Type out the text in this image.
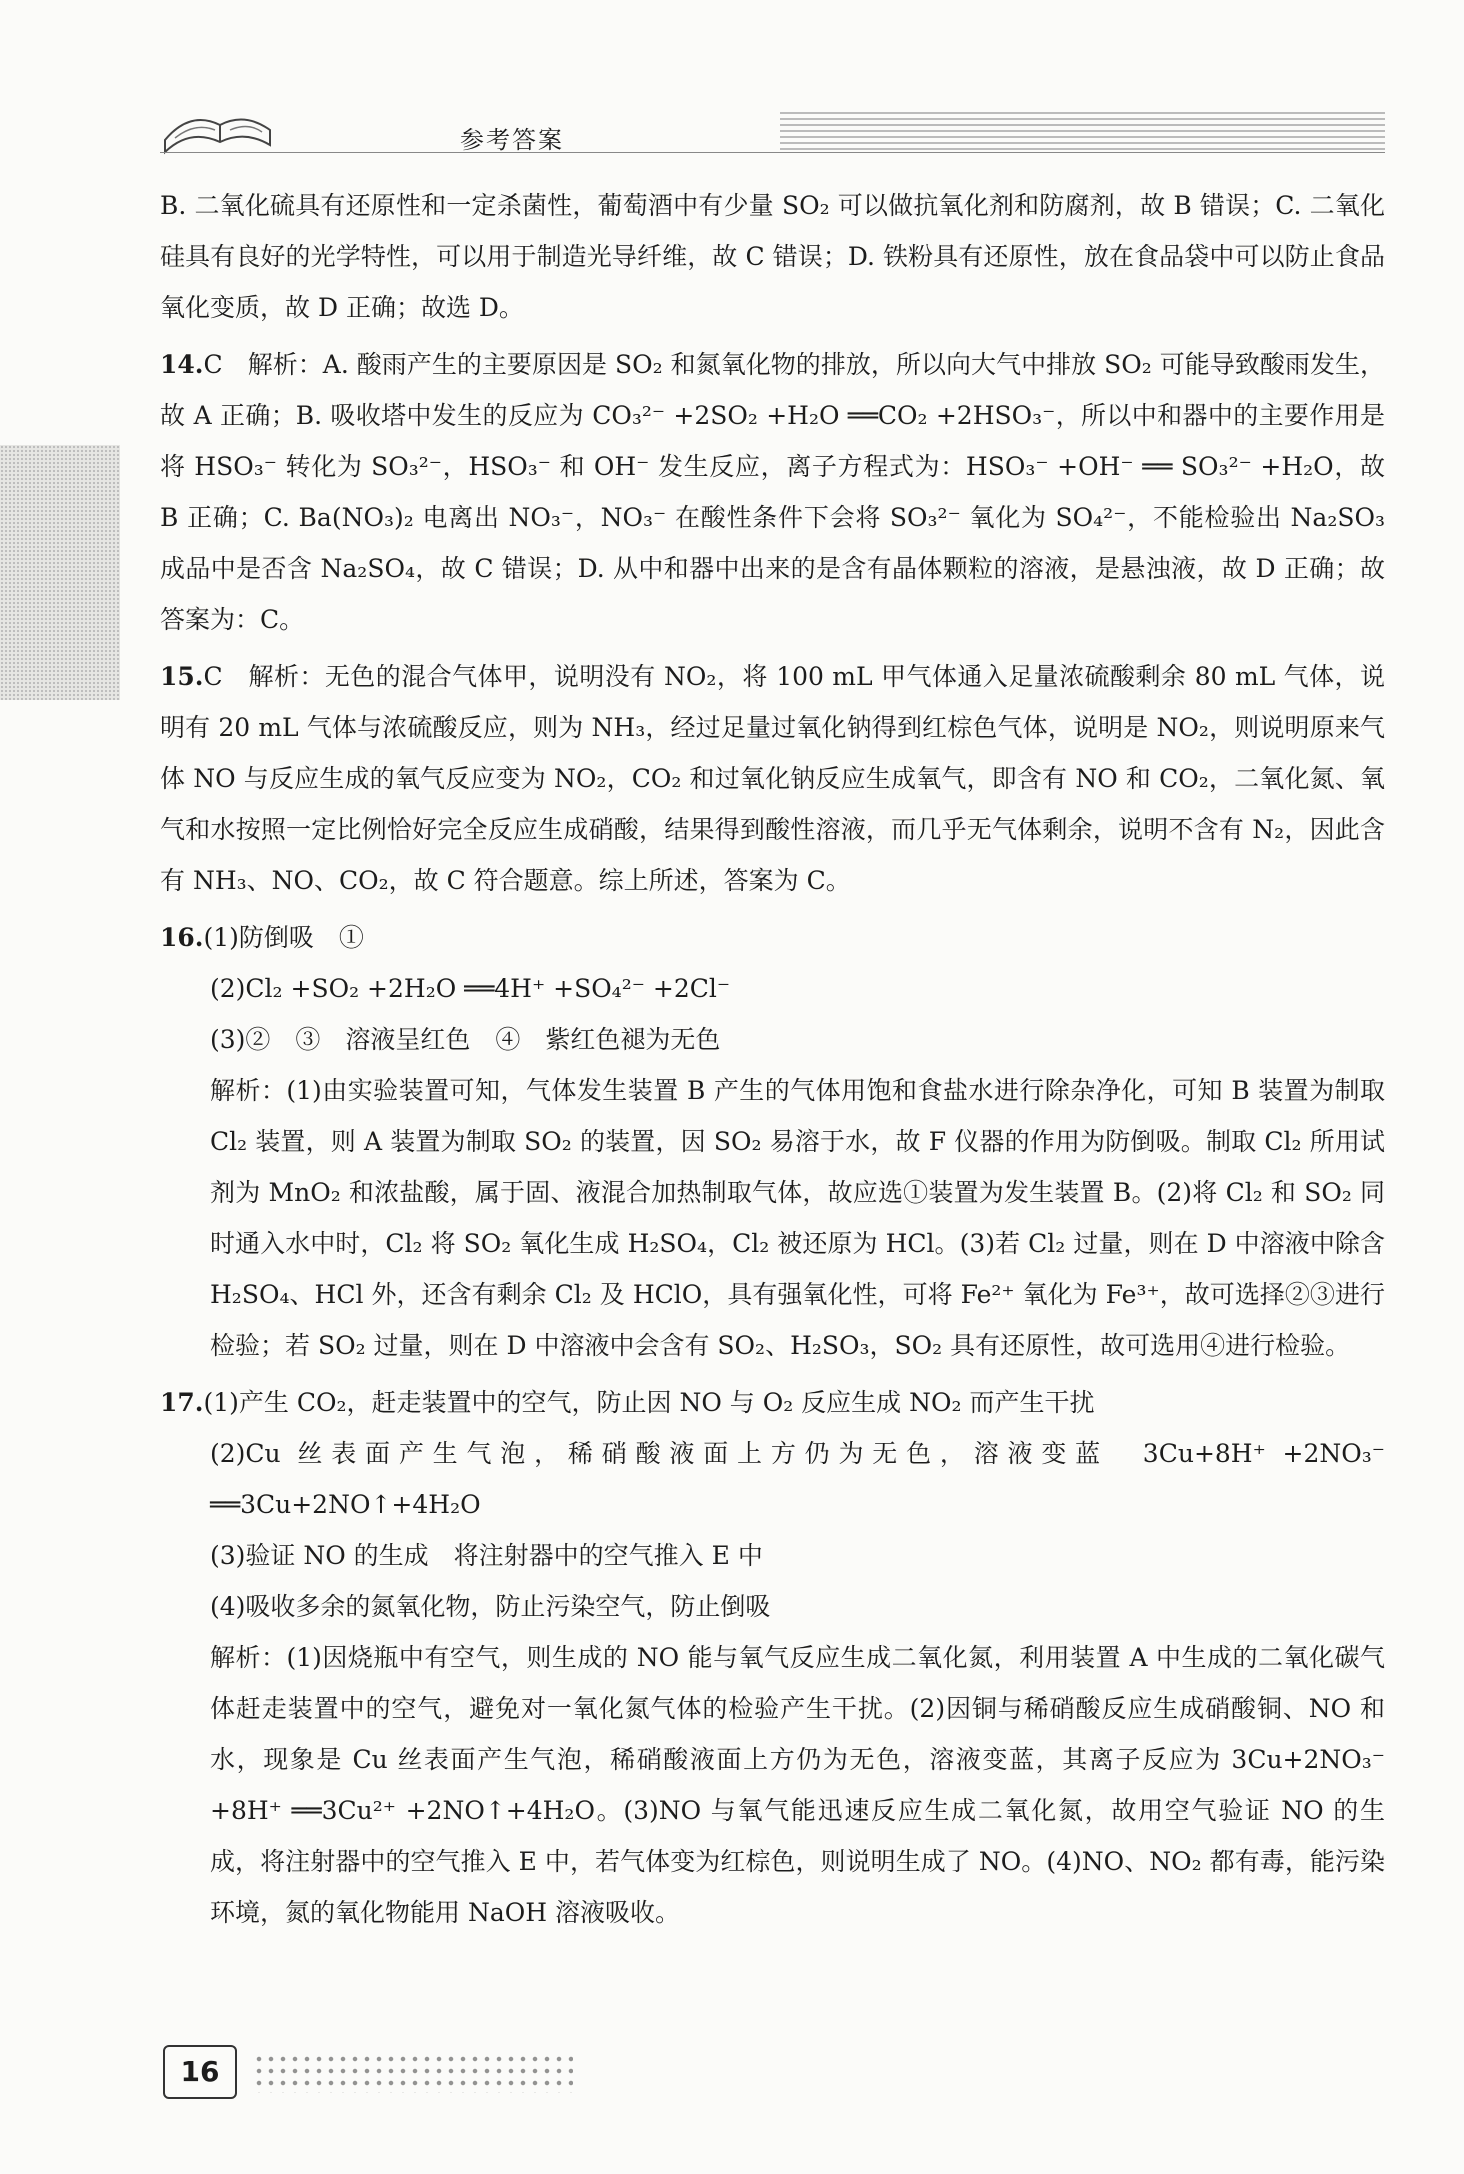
参考答案

B. 二氧化硫具有还原性和一定杀菌性，葡萄酒中有少量 SO₂ 可以做抗氧化剂和防腐剂，故 B 错误；C. 二氧化硅具有良好的光学特性，可以用于制造光导纤维，故 C 错误；D. 铁粉具有还原性，放在食品袋中可以防止食品氧化变质，故 D 正确；故选 D。

14.C　解析：A. 酸雨产生的主要原因是 SO₂ 和氮氧化物的排放，所以向大气中排放 SO₂ 可能导致酸雨发生，故 A 正确；B. 吸收塔中发生的反应为 CO₃²⁻ +2SO₂ +H₂O ══CO₂ +2HSO₃⁻，所以中和器中的主要作用是将 HSO₃⁻ 转化为 SO₃²⁻，HSO₃⁻ 和 OH⁻ 发生反应，离子方程式为：HSO₃⁻ +OH⁻ ══ SO₃²⁻ +H₂O，故 B 正确；C. Ba(NO₃)₂ 电离出 NO₃⁻，NO₃⁻ 在酸性条件下会将 SO₃²⁻ 氧化为 SO₄²⁻，不能检验出 Na₂SO₃ 成品中是否含 Na₂SO₄，故 C 错误；D. 从中和器中出来的是含有晶体颗粒的溶液，是悬浊液，故 D 正确；故答案为：C。

15.C　解析：无色的混合气体甲，说明没有 NO₂，将 100 mL 甲气体通入足量浓硫酸剩余 80 mL 气体，说明有 20 mL 气体与浓硫酸反应，则为 NH₃，经过足量过氧化钠得到红棕色气体，说明是 NO₂，则说明原来气体 NO 与反应生成的氧气反应变为 NO₂，CO₂ 和过氧化钠反应生成氧气，即含有 NO 和 CO₂，二氧化氮、氧气和水按照一定比例恰好完全反应生成硝酸，结果得到酸性溶液，而几乎无气体剩余，说明不含有 N₂，因此含有 NH₃、NO、CO₂，故 C 符合题意。综上所述，答案为 C。

16.(1)防倒吸　①

(2)Cl₂ +SO₂ +2H₂O ══4H⁺ +SO₄²⁻ +2Cl⁻

(3)②　③　溶液呈红色　④　紫红色褪为无色

解析：(1)由实验装置可知，气体发生装置 B 产生的气体用饱和食盐水进行除杂净化，可知 B 装置为制取 Cl₂ 装置，则 A 装置为制取 SO₂ 的装置，因 SO₂ 易溶于水，故 F 仪器的作用为防倒吸。制取 Cl₂ 所用试剂为 MnO₂ 和浓盐酸，属于固、液混合加热制取气体，故应选①装置为发生装置 B。(2)将 Cl₂ 和 SO₂ 同时通入水中时，Cl₂ 将 SO₂ 氧化生成 H₂SO₄，Cl₂ 被还原为 HCl。(3)若 Cl₂ 过量，则在 D 中溶液中除含 H₂SO₄、HCl 外，还含有剩余 Cl₂ 及 HClO，具有强氧化性，可将 Fe²⁺ 氧化为 Fe³⁺，故可选择②③进行检验；若 SO₂ 过量，则在 D 中溶液中会含有 SO₂、H₂SO₃，SO₂ 具有还原性，故可选用④进行检验。

17.(1)产生 CO₂，赶走装置中的空气，防止因 NO 与 O₂ 反应生成 NO₂ 而产生干扰

(2)Cu 丝表面产生气泡，稀硝酸液面上方仍为无色，溶液变蓝　3Cu+8H⁺ +2NO₃⁻ ══3Cu+2NO↑+4H₂O

(3)验证 NO 的生成　将注射器中的空气推入 E 中

(4)吸收多余的氮氧化物，防止污染空气，防止倒吸

解析：(1)因烧瓶中有空气，则生成的 NO 能与氧气反应生成二氧化氮，利用装置 A 中生成的二氧化碳气体赶走装置中的空气，避免对一氧化氮气体的检验产生干扰。(2)因铜与稀硝酸反应生成硝酸铜、NO 和水，现象是 Cu 丝表面产生气泡，稀硝酸液面上方仍为无色，溶液变蓝，其离子反应为 3Cu+2NO₃⁻ +8H⁺ ══3Cu²⁺ +2NO↑+4H₂O。(3)NO 与氧气能迅速反应生成二氧化氮，故用空气验证 NO 的生成，将注射器中的空气推入 E 中，若气体变为红棕色，则说明生成了 NO。(4)NO、NO₂ 都有毒，能污染环境，氮的氧化物能用 NaOH 溶液吸收。

16
